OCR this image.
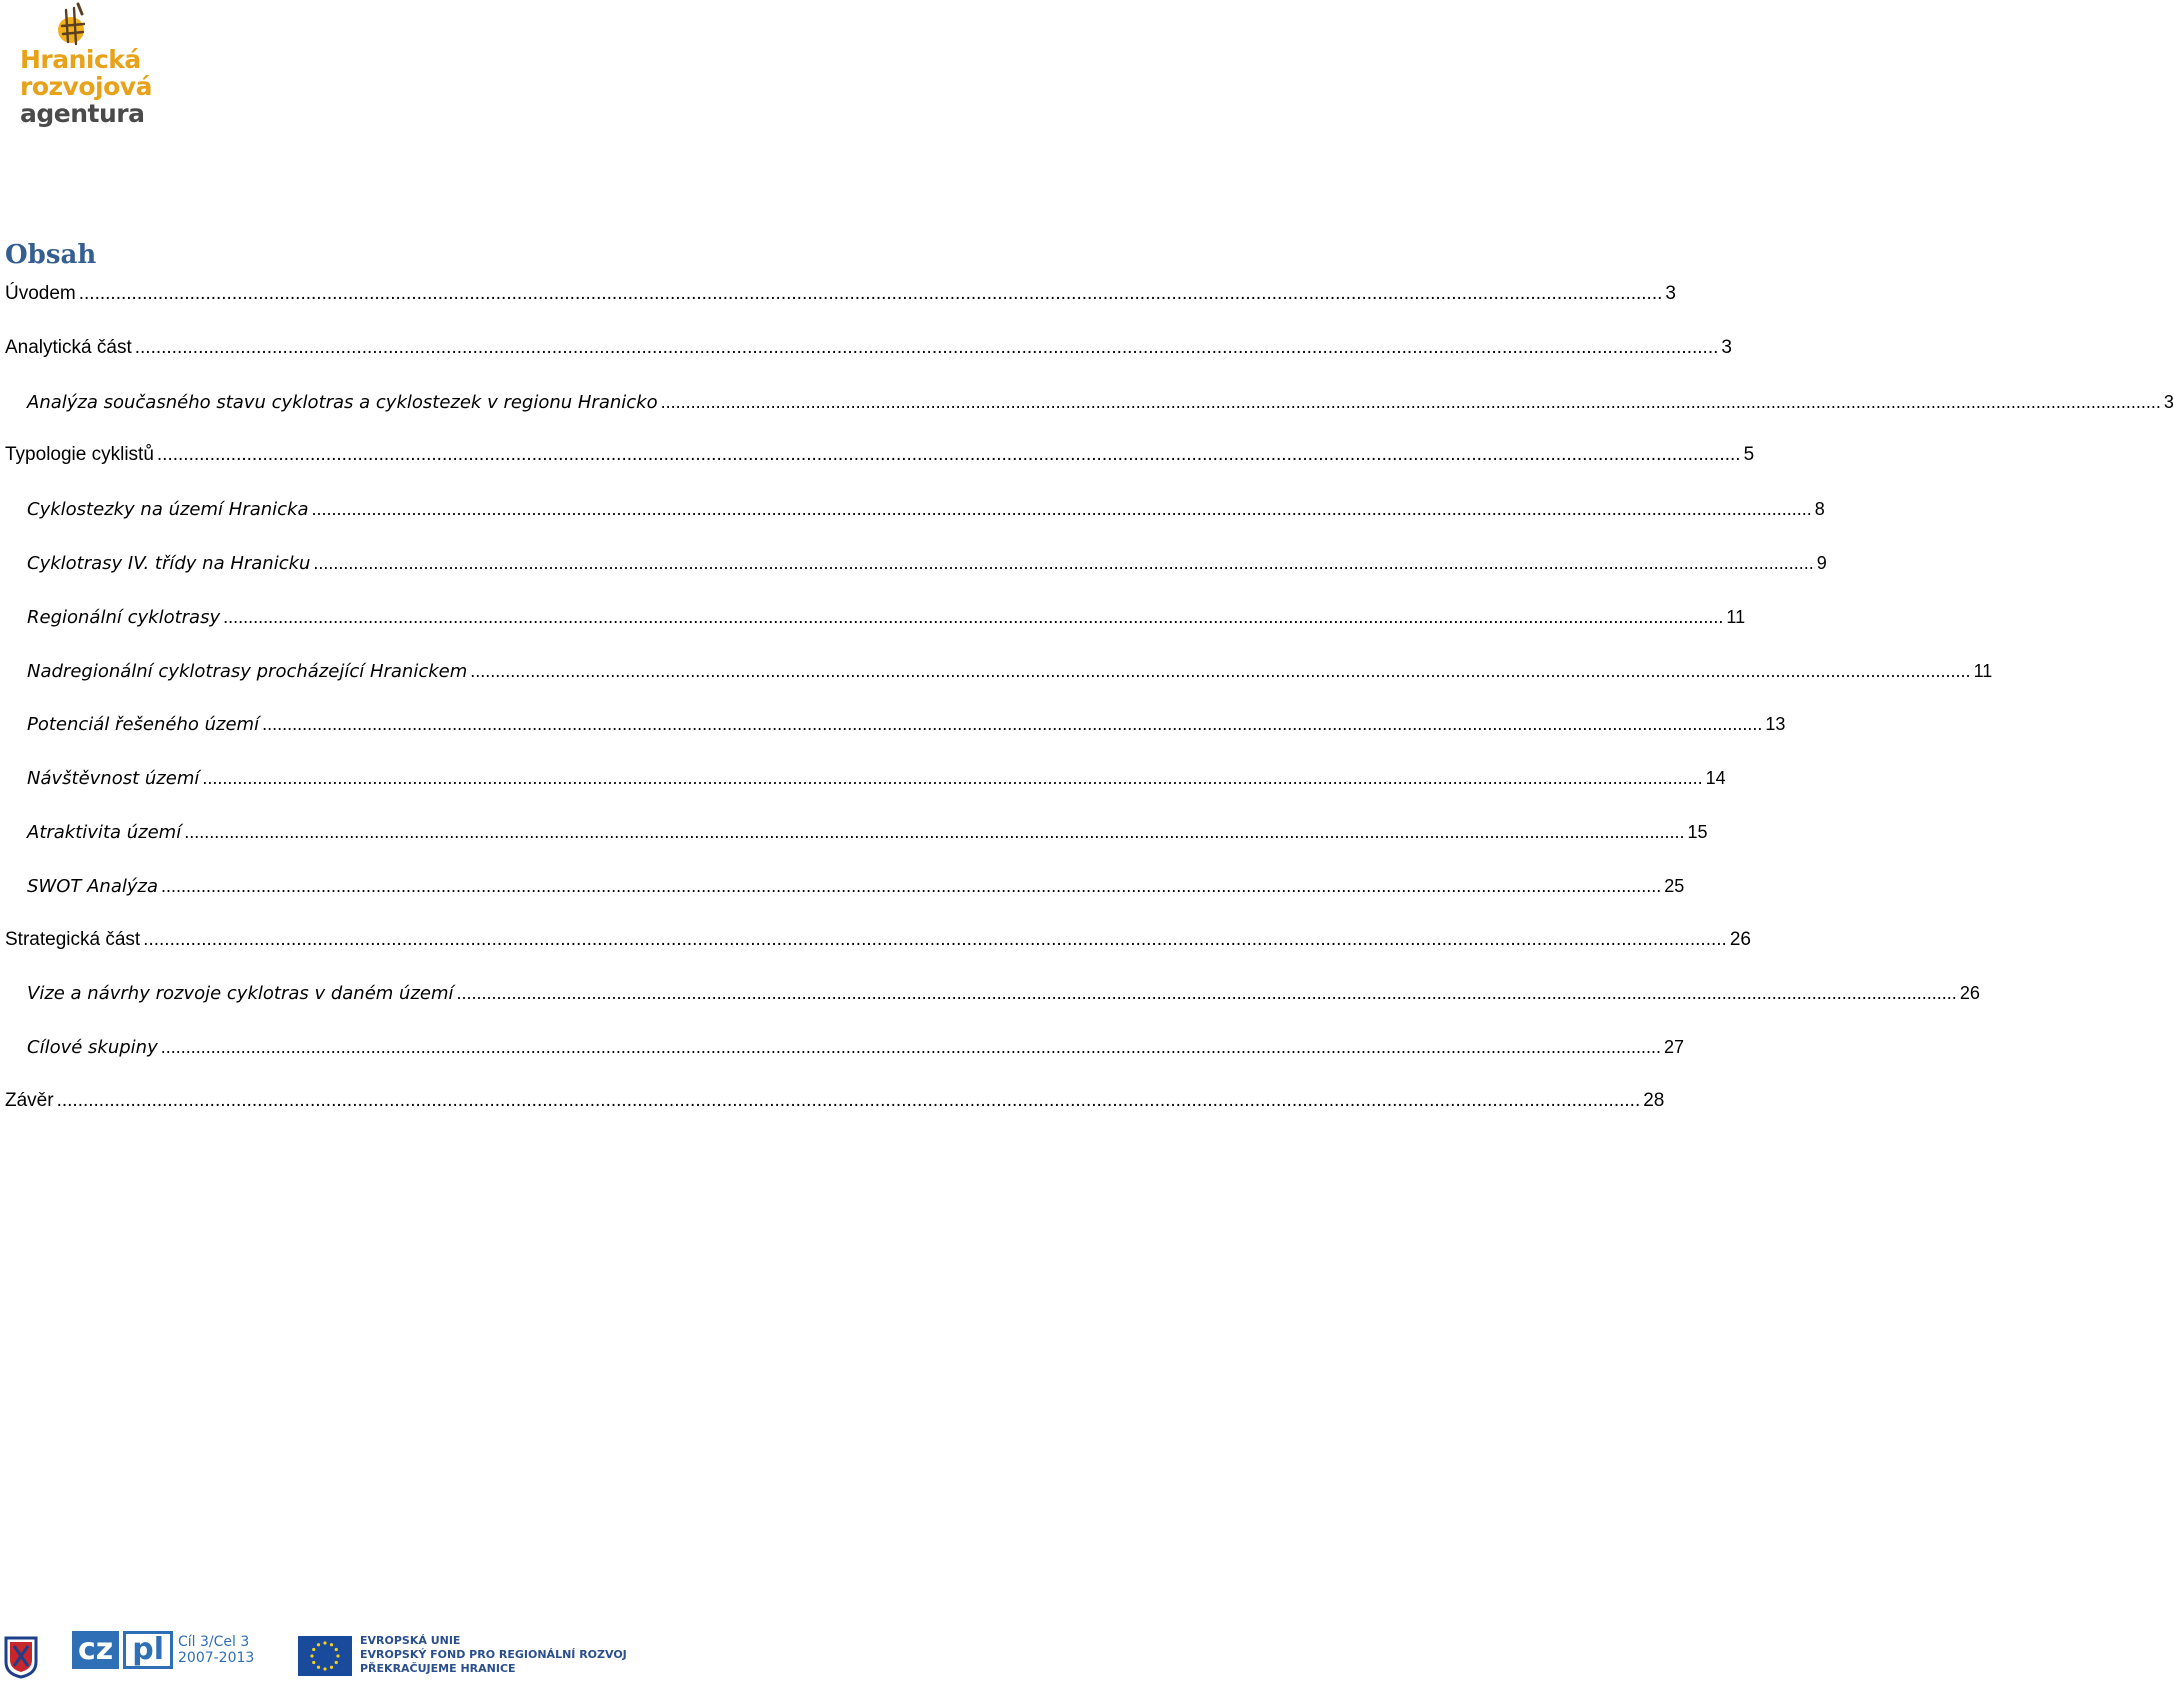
Hranická
rozvojová
agentura
Obsah
Úvodem ............................................................................................................................................................................................................................................................................................................ 3
Analytická část ............................................................................................................................................................................................................................................................................................................ 3
Analýza současného stavu cyklotras a cyklostezek v regionu Hranicko ............................................................................................................................................................................................................................................................................................................ 3
Typologie cyklistů ............................................................................................................................................................................................................................................................................................................ 5
Cyklostezky na území Hranicka ............................................................................................................................................................................................................................................................................................................ 8
Cyklotrasy IV. třídy na Hranicku ............................................................................................................................................................................................................................................................................................................ 9
Regionální cyklotrasy ............................................................................................................................................................................................................................................................................................................ 11
Nadregionální cyklotrasy procházející Hranickem ............................................................................................................................................................................................................................................................................................................ 11
Potenciál řešeného území ............................................................................................................................................................................................................................................................................................................ 13
Návštěvnost území ............................................................................................................................................................................................................................................................................................................ 14
Atraktivita území ............................................................................................................................................................................................................................................................................................................ 15
SWOT Analýza ............................................................................................................................................................................................................................................................................................................ 25
Strategická část ............................................................................................................................................................................................................................................................................................................ 26
Vize a návrhy rozvoje cyklotras v daném území ............................................................................................................................................................................................................................................................................................................ 26
Cílové skupiny ............................................................................................................................................................................................................................................................................................................ 27
Závěr ............................................................................................................................................................................................................................................................................................................ 28
cz pl Cíl 3/Cel 3
2007-2013
EVROPSKÁ UNIE
EVROPSKÝ FOND PRO REGIONÁLNÍ ROZVOJ
PŘEKRAČUJEME HRANICE
